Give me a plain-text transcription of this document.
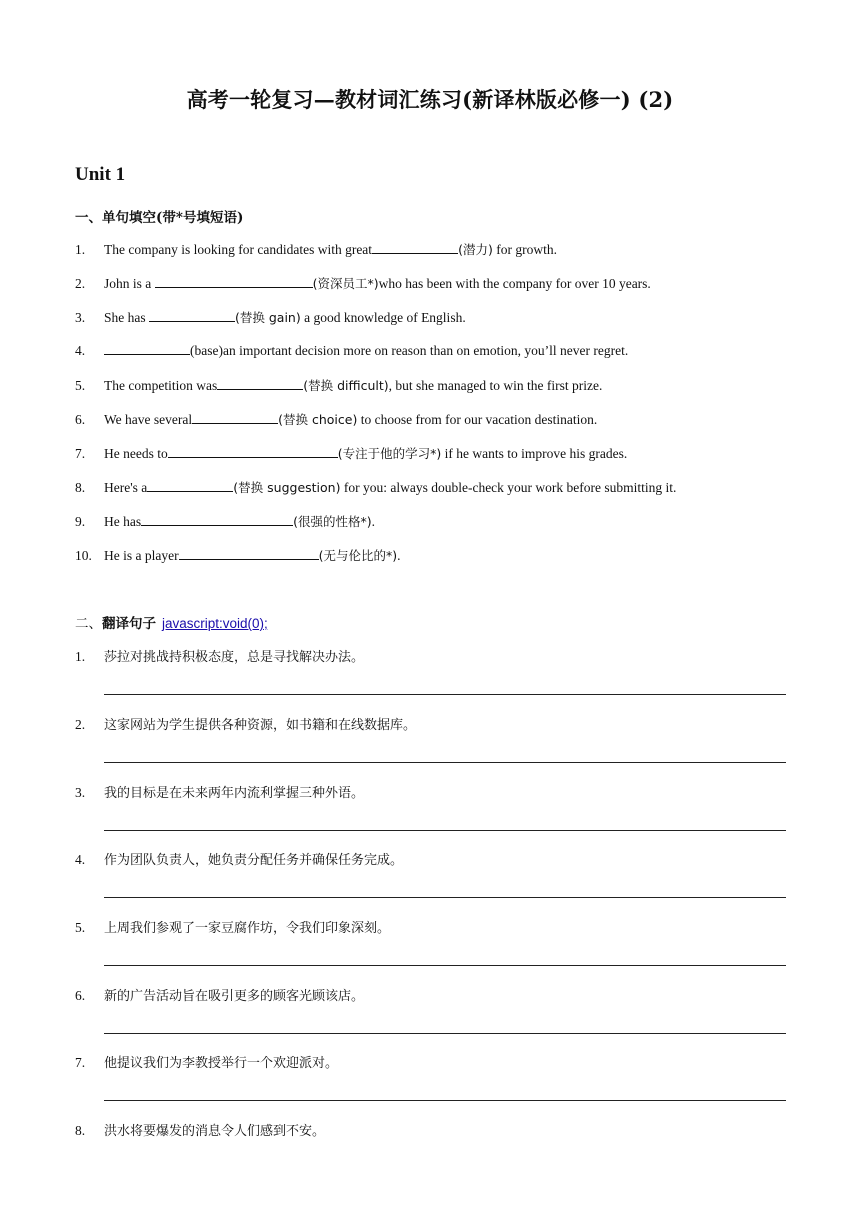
高考一轮复习—教材词汇练习(新译林版必修一) (2)
Unit 1
一、单句填空(带*号填短语)
1. The company is looking for candidates with great	(潜力) for growth.
2. John is a	(资深员工*)who has been with the company for over 10 years.
3. She has	(替换 gain) a good knowledge of English.
4.	(base)an important decision more on reason than on emotion, you’ll never regret.
5. The competition was	(替换 difficult), but she managed to win the first prize.
6. We have several	(替换 choice) to choose from for our vacation destination.
7. He needs to	(专注于他的学习*) if he wants to improve his grades.
8. Here's a	(替换 suggestion) for you: always double-check your work before submitting it.
9. He has	(很强的性格*).
10. He is a player	(无与伦比的*).
二、翻译句子 javascript:void(0);
1. 莎拉对挑战持积极态度，总是寻找解决办法。
2. 这家网站为学生提供各种资源，如书籍和在线数据库。
3. 我的目标是在未来两年内流利掌握三种外语。
4. 作为团队负责人，她负责分配任务并确保任务完成。
5. 上周我们参观了一家豆腐作坊，令我们印象深刻。
6. 新的广告活动旨在吸引更多的顾客光顾该店。
7. 他提议我们为李教授举行一个欢迎派对。
8. 洪水将要爆发的消息令人们感到不安。
